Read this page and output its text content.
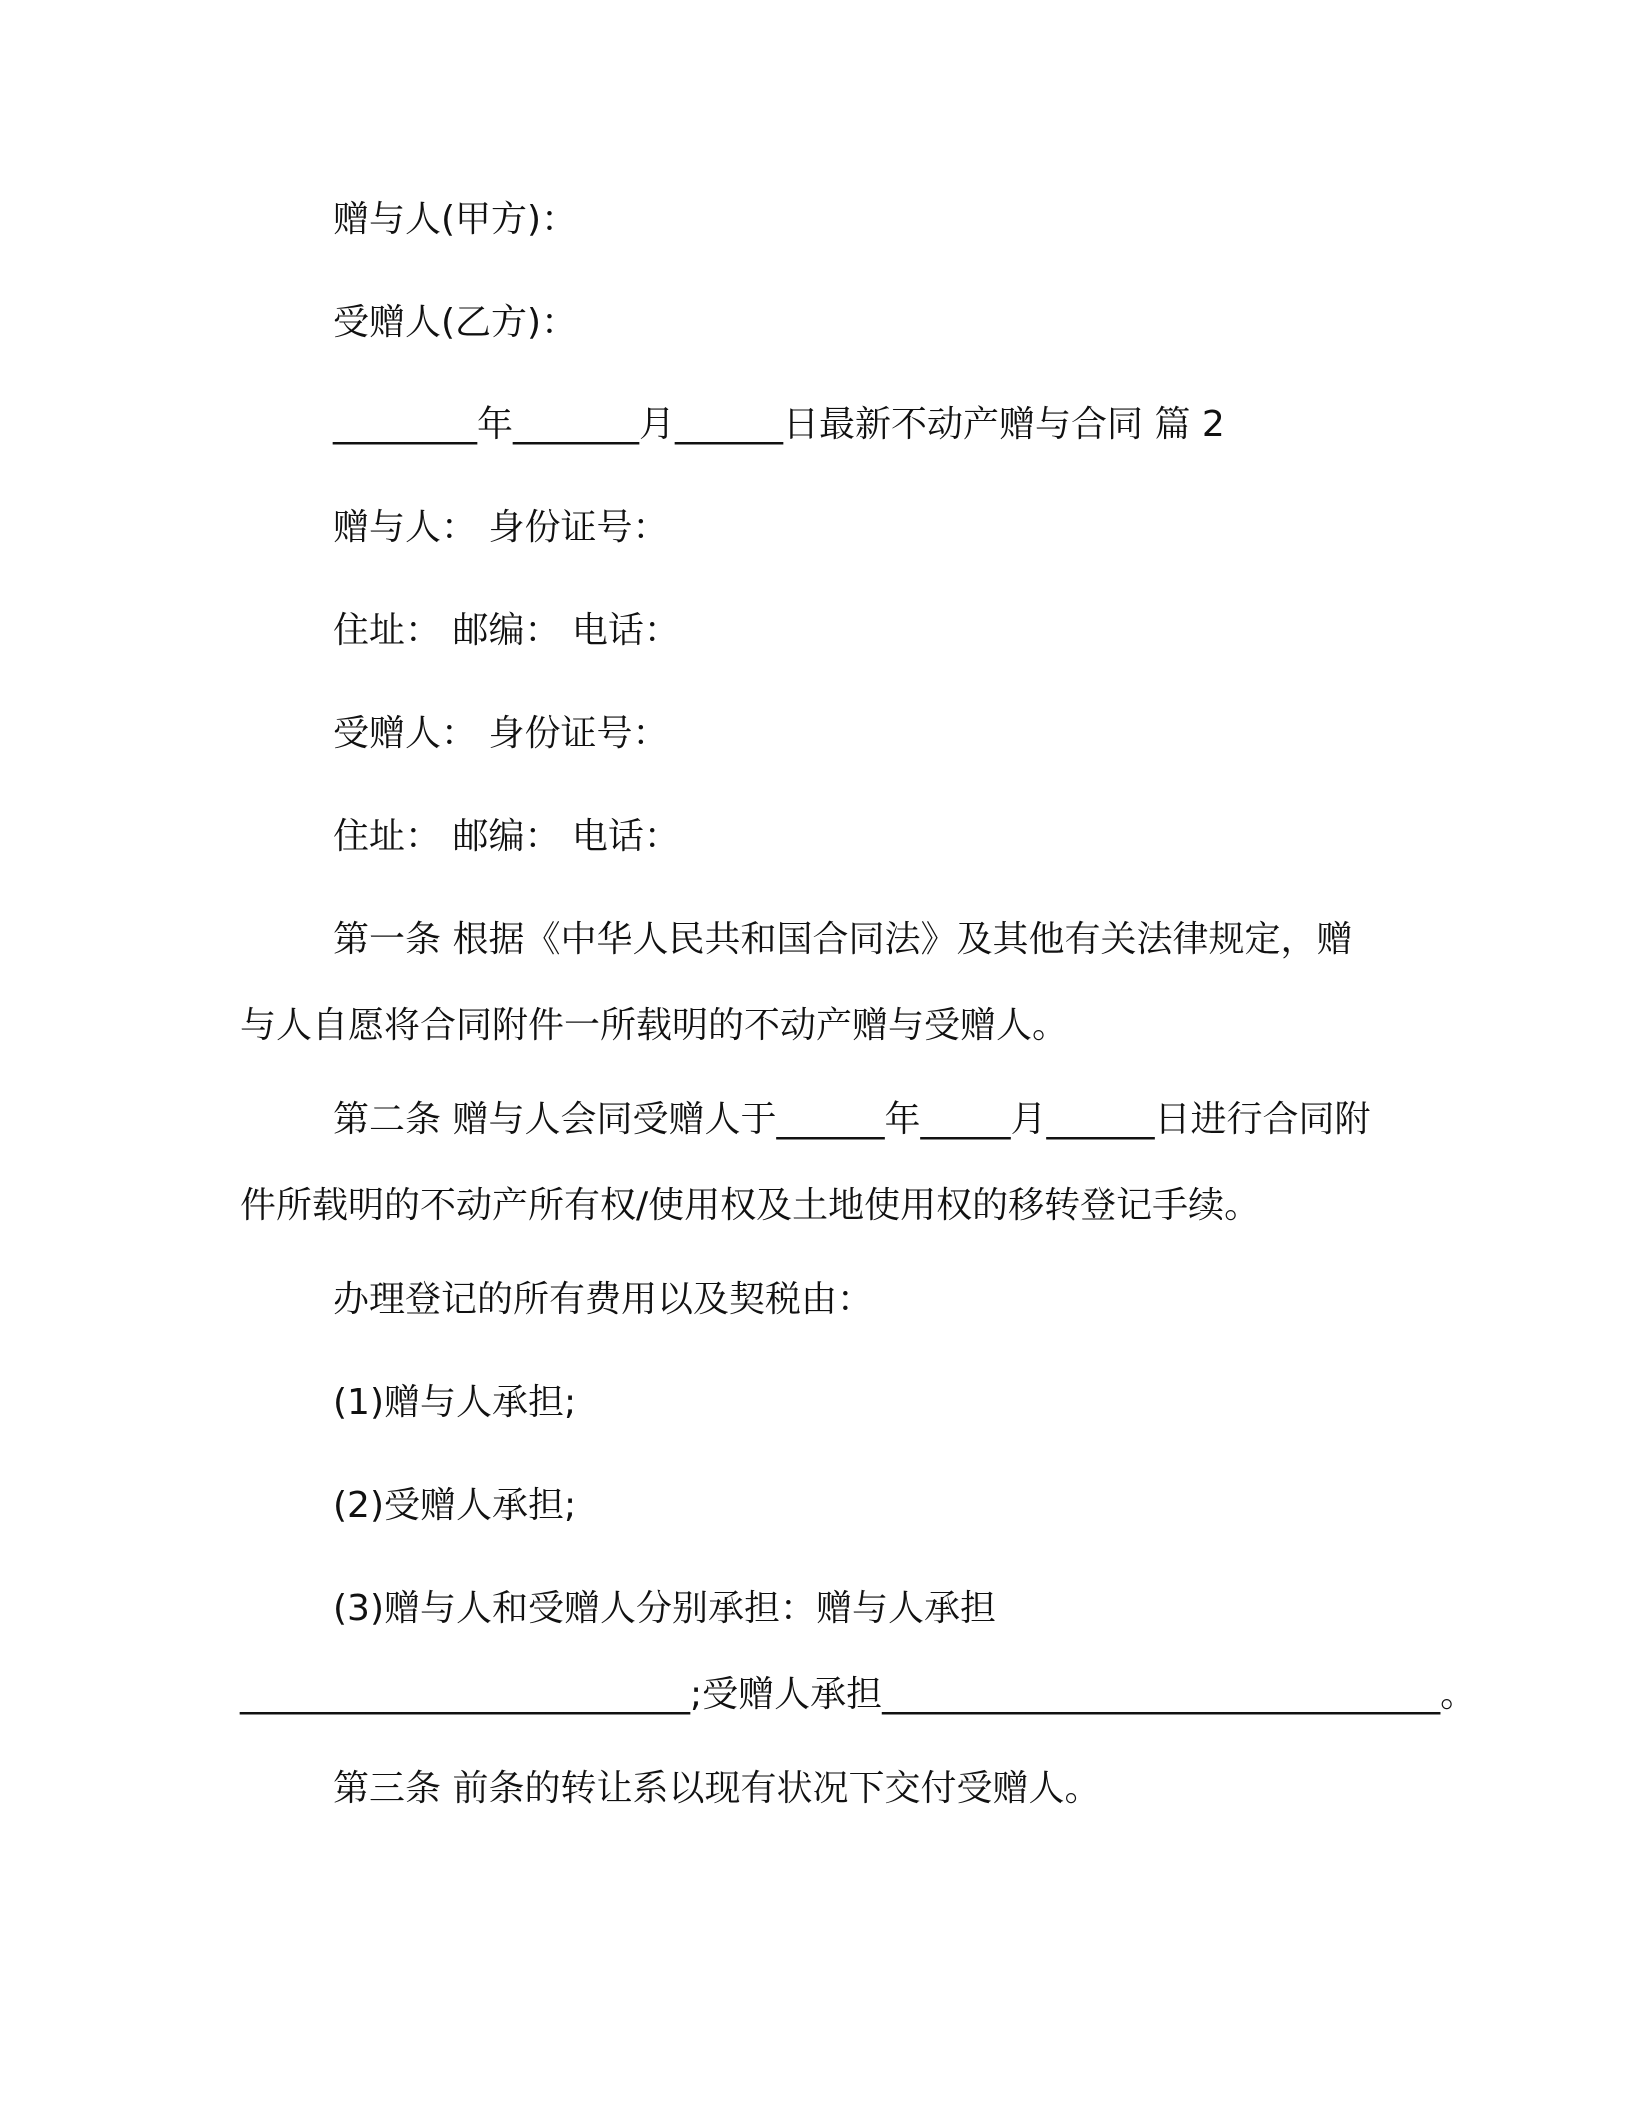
赠与人(甲方)：
受赠人(乙方)：
________年_______月______日最新不动产赠与合同 篇 2
赠与人： 身份证号：
住址： 邮编： 电话：
受赠人： 身份证号：
住址： 邮编： 电话：
第一条 根据《中华人民共和国合同法》及其他有关法律规定，赠
与人自愿将合同附件一所载明的不动产赠与受赠人。
第二条 赠与人会同受赠人于______年_____月______日进行合同附
件所载明的不动产所有权/使用权及土地使用权的移转登记手续。
办理登记的所有费用以及契税由：
(1)赠与人承担;
(2)受赠人承担;
(3)赠与人和受赠人分别承担：赠与人承担
_________________________;受赠人承担_______________________________。
第三条 前条的转让系以现有状况下交付受赠人。
